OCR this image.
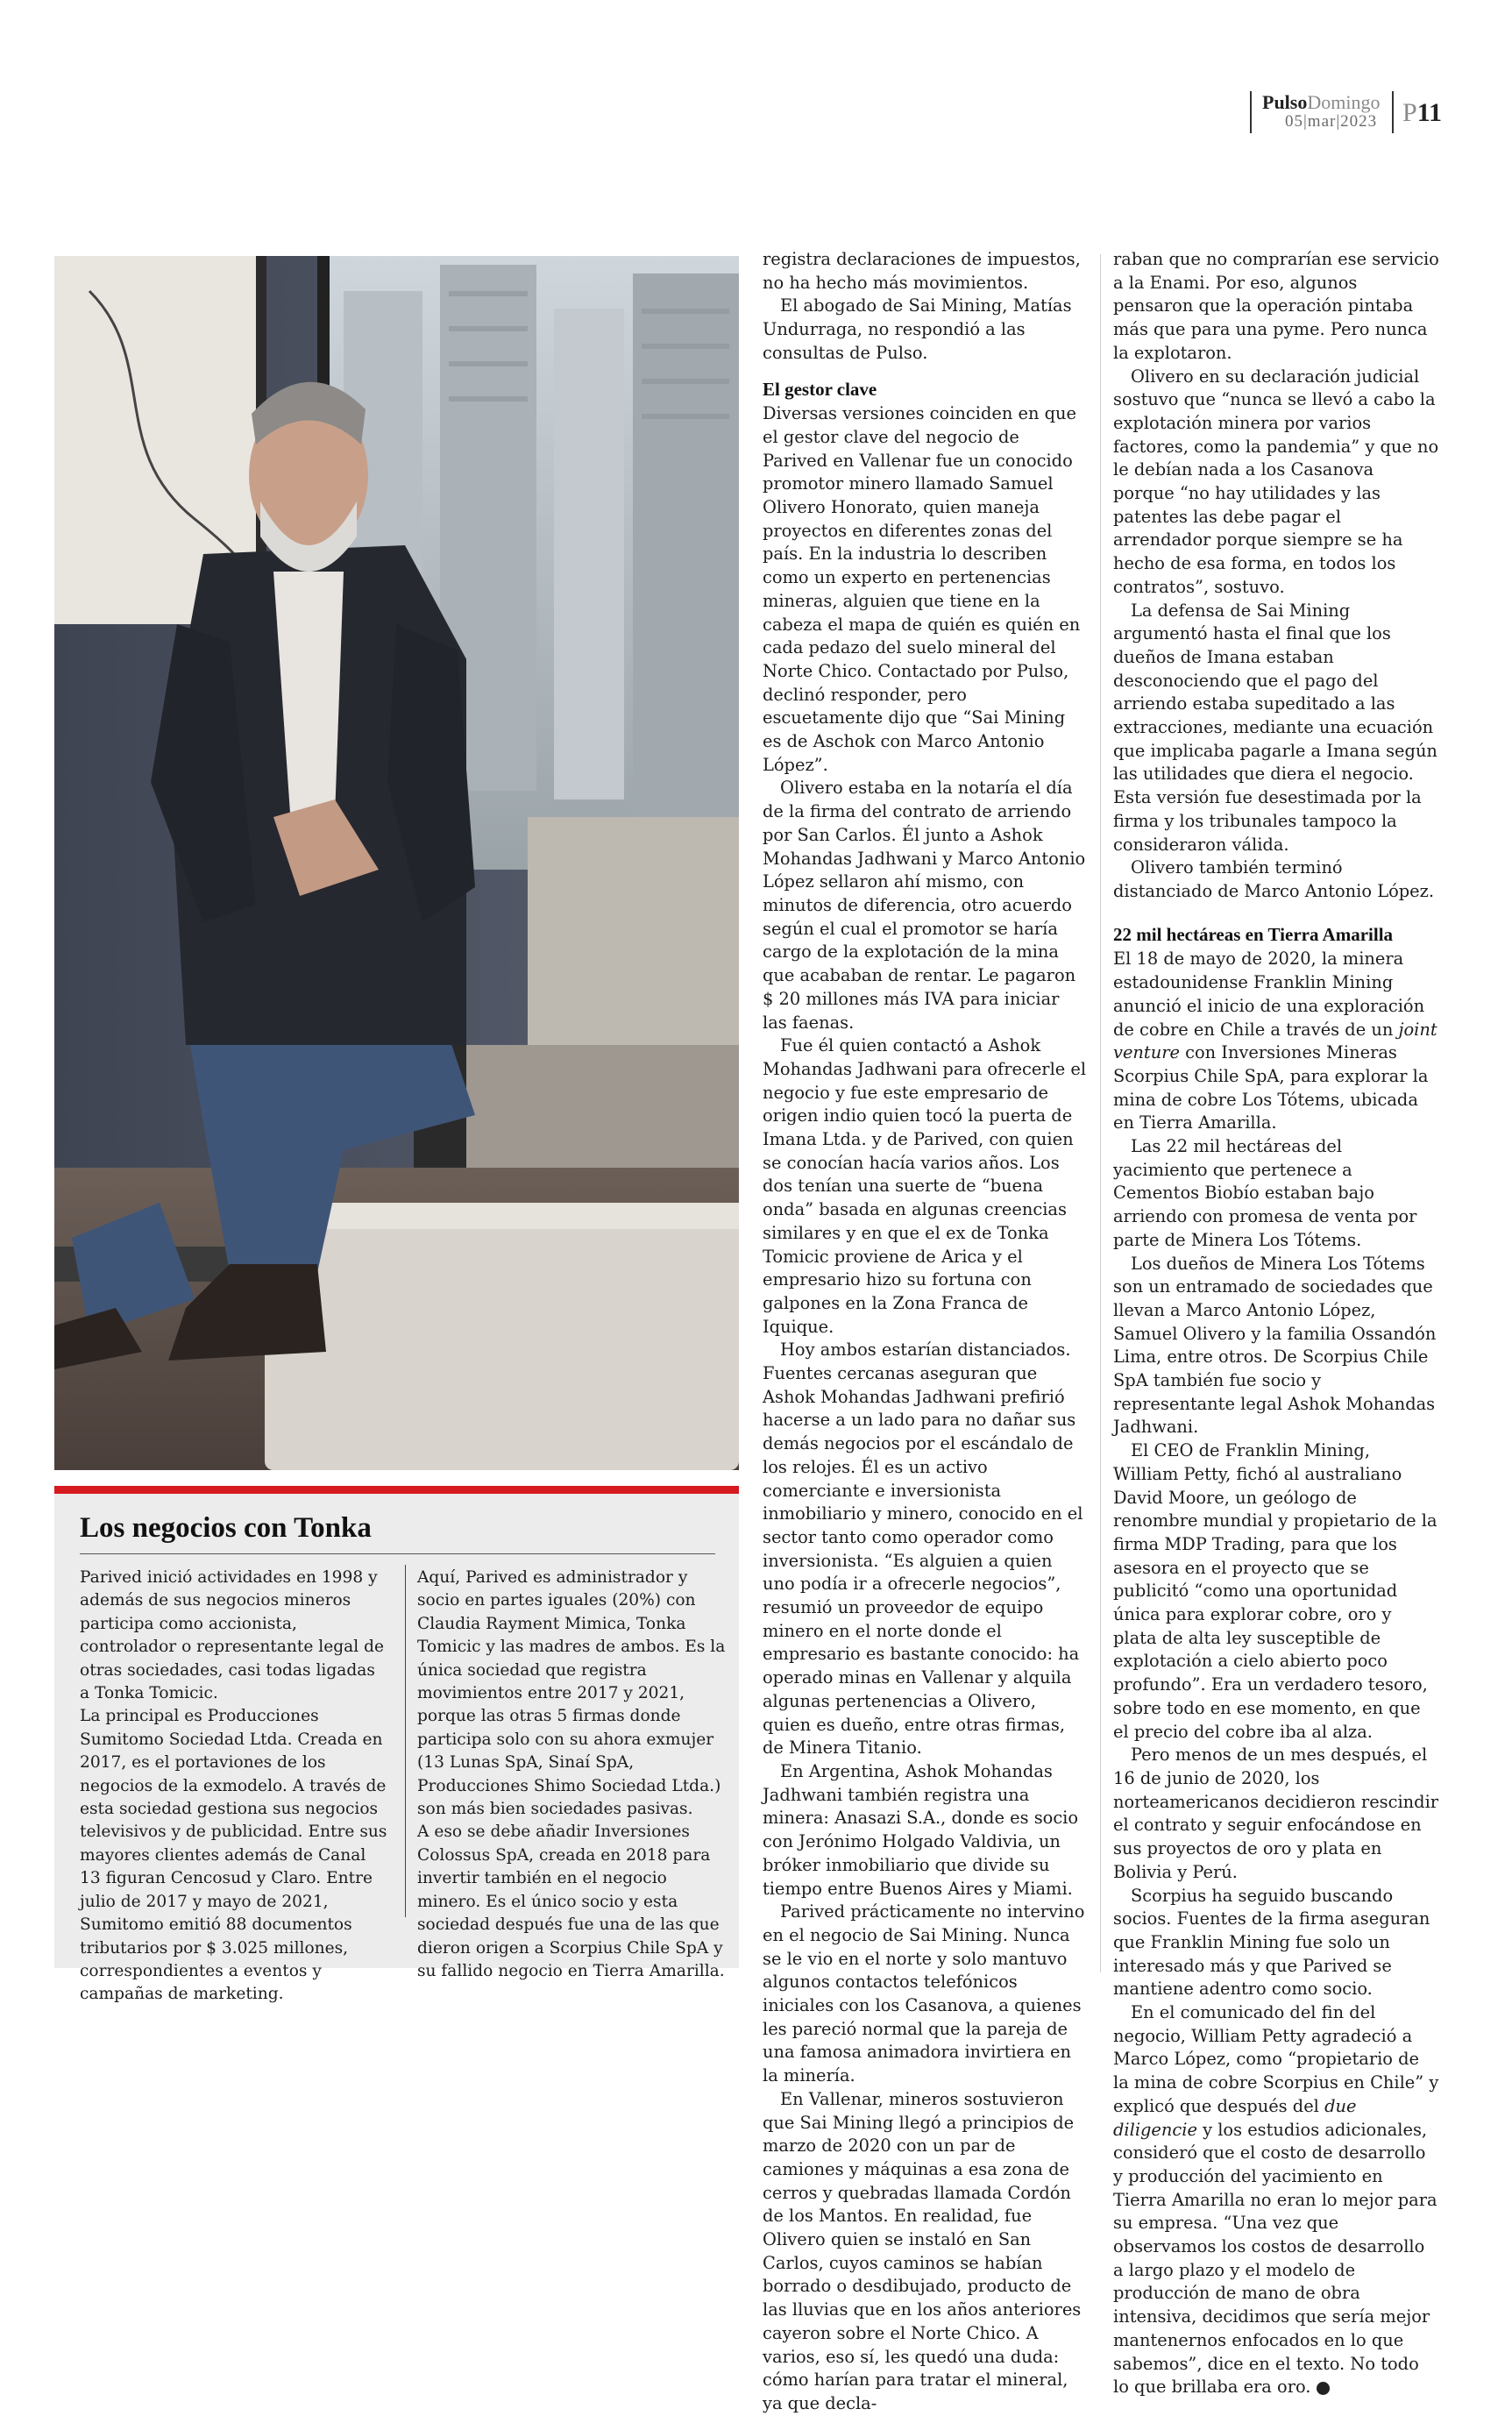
PulsoDomingo
05|mar|2023 P11
Los negocios con Tonka

Parived inició actividades en 1998 y además de sus negocios mineros participa como accionista, controlador o representante legal de otras sociedades, casi todas ligadas a Tonka Tomicic.

La principal es Producciones Sumitomo Sociedad Ltda. Creada en 2017, es el portaviones de los negocios de la exmodelo. A través de esta sociedad gestiona sus negocios televisivos y de publicidad. Entre sus mayores clientes además de Canal 13 figuran Cencosud y Claro. Entre julio de 2017 y mayo de 2021, Sumitomo emitió 88 documentos tributarios por $ 3.025 millones, correspondientes a eventos y campañas de marketing.

Aquí, Parived es administrador y socio en partes iguales (20%) con Claudia Rayment Mimica, Tonka Tomicic y las madres de ambos. Es la única sociedad que registra movimientos entre 2017 y 2021, porque las otras 5 firmas donde participa solo con su ahora exmujer (13 Lunas SpA, Sinaí SpA, Producciones Shimo Sociedad Ltda.) son más bien sociedades pasivas.

A eso se debe añadir Inversiones Colossus SpA, creada en 2018 para invertir también en el negocio minero. Es el único socio y esta sociedad después fue una de las que dieron origen a Scorpius Chile SpA y su fallido negocio en Tierra Amarilla.

registra declaraciones de impuestos, no ha hecho más movimientos.

El abogado de Sai Mining, Matías Undurraga, no respondió a las consultas de Pulso.

El gestor clave

Diversas versiones coinciden en que el gestor clave del negocio de Parived en Vallenar fue un conocido promotor minero llamado Samuel Olivero Honorato, quien maneja proyectos en diferentes zonas del país. En la industria lo describen como un experto en pertenencias mineras, alguien que tiene en la cabeza el mapa de quién es quién en cada pedazo del suelo mineral del Norte Chico. Contactado por Pulso, declinó responder, pero escuetamente dijo que “Sai Mining es de Aschok con Marco Antonio López”.

Olivero estaba en la notaría el día de la firma del contrato de arriendo por San Carlos. Él junto a Ashok Mohandas Jadhwani y Marco Antonio López sellaron ahí mismo, con minutos de diferencia, otro acuerdo según el cual el promotor se haría cargo de la explotación de la mina que acababan de rentar. Le pagaron $ 20 millones más IVA para iniciar las faenas.

Fue él quien contactó a Ashok Mohandas Jadhwani para ofrecerle el negocio y fue este empresario de origen indio quien tocó la puerta de Imana Ltda. y de Parived, con quien se conocían hacía varios años. Los dos tenían una suerte de “buena onda” basada en algunas creencias similares y en que el ex de Tonka Tomicic proviene de Arica y el empresario hizo su fortuna con galpones en la Zona Franca de Iquique.

Hoy ambos estarían distanciados. Fuentes cercanas aseguran que Ashok Mohandas Jadhwani prefirió hacerse a un lado para no dañar sus demás negocios por el escándalo de los relojes. Él es un activo comerciante e inversionista inmobiliario y minero, conocido en el sector tanto como operador como inversionista. “Es alguien a quien uno podía ir a ofrecerle negocios”, resumió un proveedor de equipo minero en el norte donde el empresario es bastante conocido: ha operado minas en Vallenar y alquila algunas pertenencias a Olivero, quien es dueño, entre otras firmas, de Minera Titanio.

En Argentina, Ashok Mohandas Jadhwani también registra una minera: Anasazi S.A., donde es socio con Jerónimo Holgado Valdivia, un bróker inmobiliario que divide su tiempo entre Buenos Aires y Miami.

Parived prácticamente no intervino en el negocio de Sai Mining. Nunca se le vio en el norte y solo mantuvo algunos contactos telefónicos iniciales con los Casanova, a quienes les pareció normal que la pareja de una famosa animadora invirtiera en la minería.

En Vallenar, mineros sostuvieron que Sai Mining llegó a principios de marzo de 2020 con un par de camiones y máquinas a esa zona de cerros y quebradas llamada Cordón de los Mantos. En realidad, fue Olivero quien se instaló en San Carlos, cuyos caminos se habían borrado o desdibujado, producto de las lluvias que en los años anteriores cayeron sobre el Norte Chico. A varios, eso sí, les quedó una duda: cómo harían para tratar el mineral, ya que decla-

raban que no comprarían ese servicio a la Enami. Por eso, algunos pensaron que la operación pintaba más que para una pyme. Pero nunca la explotaron.

Olivero en su declaración judicial sostuvo que “nunca se llevó a cabo la explotación minera por varios factores, como la pandemia” y que no le debían nada a los Casanova porque “no hay utilidades y las patentes las debe pagar el arrendador porque siempre se ha hecho de esa forma, en todos los contratos”, sostuvo.

La defensa de Sai Mining argumentó hasta el final que los dueños de Imana estaban desconociendo que el pago del arriendo estaba supeditado a las extracciones, mediante una ecuación que implicaba pagarle a Imana según las utilidades que diera el negocio. Esta versión fue desestimada por la firma y los tribunales tampoco la consideraron válida.

Olivero también terminó distanciado de Marco Antonio López.

22 mil hectáreas en Tierra Amarilla

El 18 de mayo de 2020, la minera estadounidense Franklin Mining anunció el inicio de una exploración de cobre en Chile a través de un joint venture con Inversiones Mineras Scorpius Chile SpA, para explorar la mina de cobre Los Tótems, ubicada en Tierra Amarilla.

Las 22 mil hectáreas del yacimiento que pertenece a Cementos Biobío estaban bajo arriendo con promesa de venta por parte de Minera Los Tótems.

Los dueños de Minera Los Tótems son un entramado de sociedades que llevan a Marco Antonio López, Samuel Olivero y la familia Ossandón Lima, entre otros. De Scorpius Chile SpA también fue socio y representante legal Ashok Mohandas Jadhwani.

El CEO de Franklin Mining, William Petty, fichó al australiano David Moore, un geólogo de renombre mundial y propietario de la firma MDP Trading, para que los asesora en el proyecto que se publicitó “como una oportunidad única para explorar cobre, oro y plata de alta ley susceptible de explotación a cielo abierto poco profundo”. Era un verdadero tesoro, sobre todo en ese momento, en que el precio del cobre iba al alza.

Pero menos de un mes después, el 16 de junio de 2020, los norteamericanos decidieron rescindir el contrato y seguir enfocándose en sus proyectos de oro y plata en Bolivia y Perú.

Scorpius ha seguido buscando socios. Fuentes de la firma aseguran que Franklin Mining fue solo un interesado más y que Parived se mantiene adentro como socio.

En el comunicado del fin del negocio, William Petty agradeció a Marco López, como “propietario de la mina de cobre Scorpius en Chile” y explicó que después del due diligencie y los estudios adicionales, consideró que el costo de desarrollo y producción del yacimiento en Tierra Amarilla no eran lo mejor para su empresa. “Una vez que observamos los costos de desarrollo a largo plazo y el modelo de producción de mano de obra intensiva, decidimos que sería mejor mantenernos enfocados en lo que sabemos”, dice en el texto. No todo lo que brillaba era oro.	P
